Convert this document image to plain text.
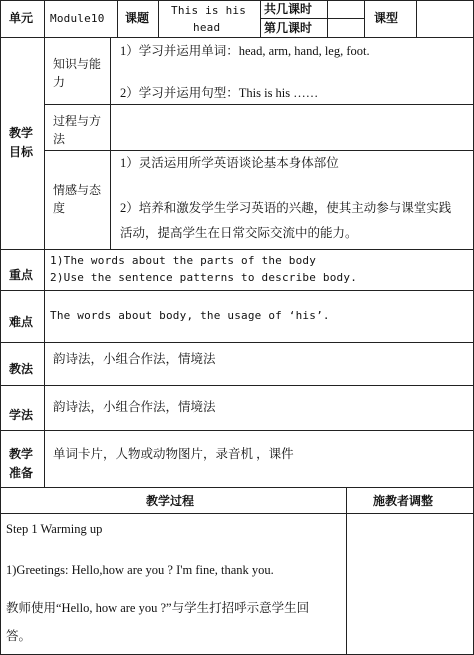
单元 Module10 课题
This is his
head
共几课时
第几课时
课型
教学
目标
知识与能
力
1）学习并运用单词：head, arm, hand, leg, foot.
2）学习并运用句型：This is his ……
过程与方
法
情感与态
度
1）灵活运用所学英语谈论基本身体部位
2）培养和激发学生学习英语的兴趣，使其主动参与课堂实践
活动，提高学生在日常交际交流中的能力。
重点
1)The words about the parts of the body
2)Use the sentence patterns to describe body.
难点 The words about body, the usage of ‘his’.
教法
韵诗法，小组合作法，情境法
学法
韵诗法，小组合作法，情境法
教学
准备
单词卡片，人物或动物图片，录音机 ，课件
教学过程	施教者调整
Step 1 Warming up
1)Greetings: Hello,how are you ? I'm fine, thank you.
教师使用“Hello, how are you ?”与学生打招呼示意学生回
答。
